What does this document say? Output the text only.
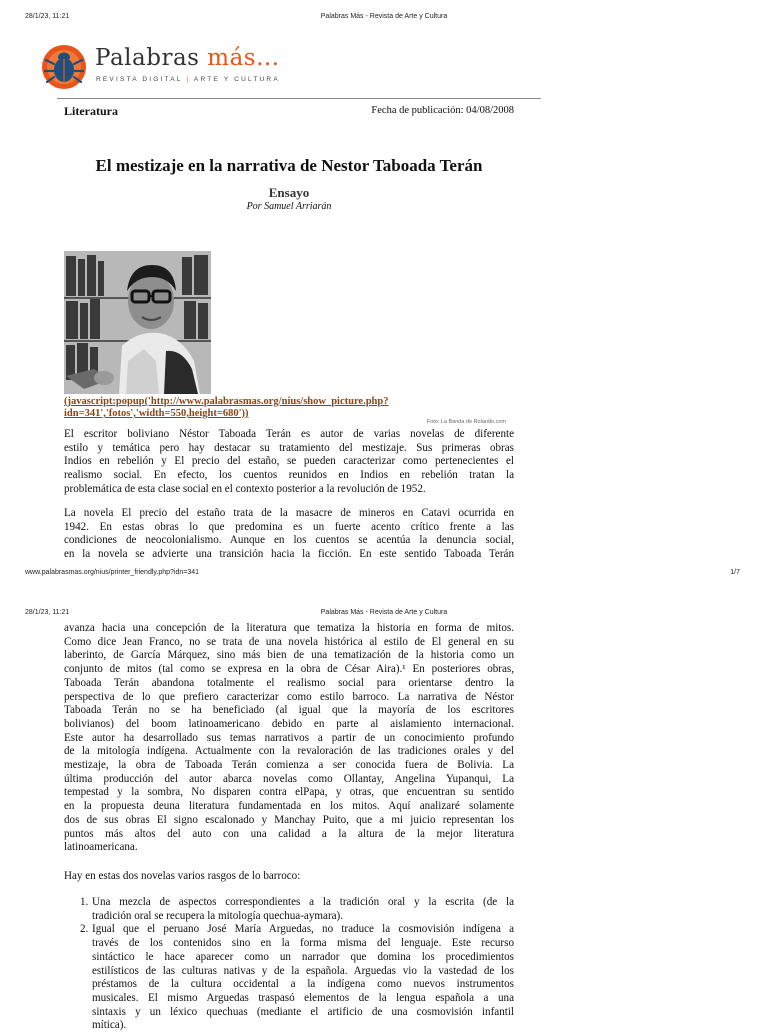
28/1/23, 11:21	Palabras Más - Revista de Arte y Cultura
Palabras más...
REVISTA DIGITAL | ARTE Y CULTURA
Literatura	Fecha de publicación: 04/08/2008
El mestizaje en la narrativa de Nestor Taboada Terán
Ensayo
Por Samuel Arriarán
(javascript:popup('http://www.palabrasmas.org/nius/show_picture.php?
idn=341','fotos','width=550,height=680'))
Foto: La Banda de Rolando.com
El escritor boliviano Néstor Taboada Terán es autor de varias novelas de diferente
estilo y temática pero hay destacar su tratamiento del mestizaje. Sus primeras obras
Indios en rebelión y El precio del estaño, se pueden caracterizar como pertenecientes el
realismo social. En efecto, los cuentos reunidos en Indios en rebelión tratan la
problemática de esta clase social en el contexto posterior a la revolución de 1952.
La novela El precio del estaño trata de la masacre de mineros en Catavi ocurrida en
1942. En estas obras lo que predomina es un fuerte acento crítico frente a las
condiciones de neocolonialismo. Aunque en los cuentos se acentúa la denuncia social,
en la novela se advierte una transición hacia la ficción. En este sentido Taboada Terán
www.palabrasmas.org/nius/printer_friendly.php?idn=341	1/7
28/1/23, 11:21	Palabras Más - Revista de Arte y Cultura
avanza hacia una concepción de la literatura que tematiza la historia en forma de mitos.
Como dice Jean Franco, no se trata de una novela histórica al estilo de El general en su
laberinto, de García Márquez, sino más bien de una tematización de la historia como un
conjunto de mitos (tal como se expresa en la obra de César Aira).¹ En posteriores obras,
Taboada Terán abandona totalmente el realismo social para orientarse dentro la
perspectiva de lo que prefiero caracterizar como estilo barroco. La narrativa de Néstor
Taboada Terán no se ha beneficiado (al igual que la mayoría de los escritores
bolivianos) del boom latinoamericano debido en parte al aislamiento internacional.
Este autor ha desarrollado sus temas narrativos a partir de un conocimiento profundo
de la mitología indígena. Actualmente con la revaloración de las tradiciones orales y del
mestizaje, la obra de Taboada Terán comienza a ser conocida fuera de Bolivia. La
última producción del autor abarca novelas como Ollantay, Angelina Yupanqui, La
tempestad y la sombra, No disparen contra elPapa, y otras, que encuentran su sentido
en la propuesta deuna literatura fundamentada en los mitos. Aquí analizaré solamente
dos de sus obras El signo escalonado y Manchay Puito, que a mi juicio representan los
puntos más altos del auto con una calidad a la altura de la mejor literatura
latinoamericana.
Hay en estas dos novelas varios rasgos de lo barroco:
1. Una mezcla de aspectos correspondientes a la tradición oral y la escrita (de la
tradición oral se recupera la mitología quechua-aymara).
2. Igual que el peruano José María Arguedas, no traduce la cosmovisión indígena a
través de los contenidos sino en la forma misma del lenguaje. Este recurso
sintáctico le hace aparecer como un narrador que domina los procedimientos
estilísticos de las culturas nativas y de la española. Arguedas vio la vastedad de los
préstamos de la cultura occidental a la indígena como nuevos instrumentos
musicales. El mismo Arguedas traspasó elementos de la lengua española a una
sintaxis y un léxico quechuas (mediante el artificio de una cosmovisión infantil
mítica).
